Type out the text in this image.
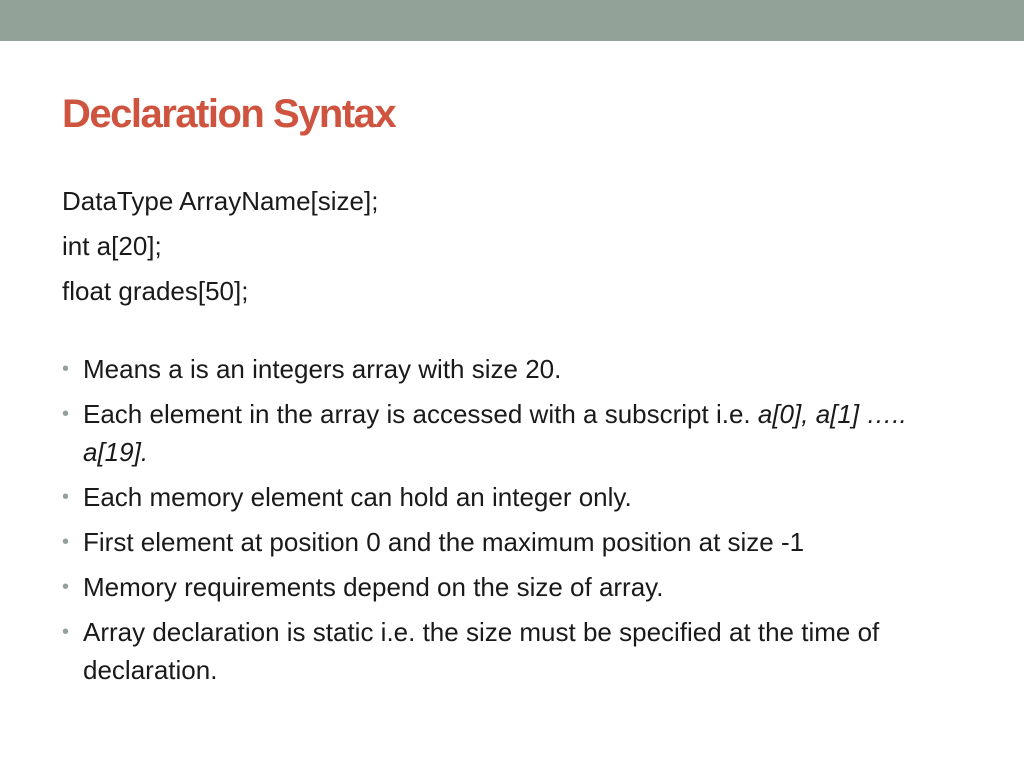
Declaration Syntax

DataType ArrayName[size];

int a[20];

float grades[50];

• Means a is an integers array with size 20.
• Each element in the array is accessed with a subscript i.e. a[0], a[1] ….. a[19].
• Each memory element can hold an integer only.
• First element at position 0 and the maximum position at size -1
• Memory requirements depend on the size of array.
• Array declaration is static i.e. the size must be specified at the time of declaration.
